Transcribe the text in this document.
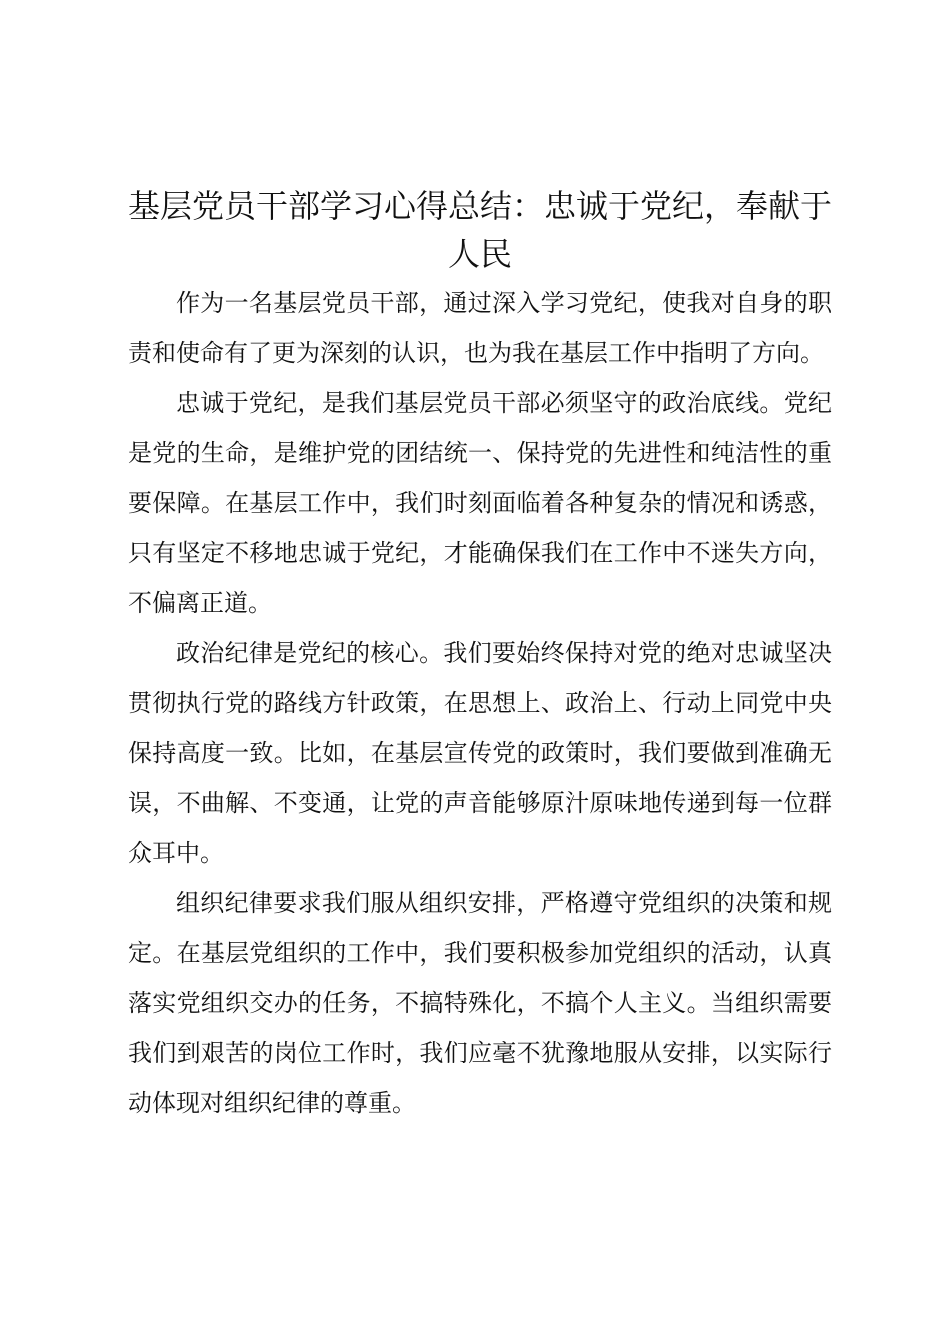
基层党员干部学习心得总结：忠诚于党纪，奉献于人民

作为一名基层党员干部，通过深入学习党纪，使我对自身的职责和使命有了更为深刻的认识，也为我在基层工作中指明了方向。

忠诚于党纪，是我们基层党员干部必须坚守的政治底线。党纪是党的生命，是维护党的团结统一、保持党的先进性和纯洁性的重要保障。在基层工作中，我们时刻面临着各种复杂的情况和诱惑，只有坚定不移地忠诚于党纪，才能确保我们在工作中不迷失方向，不偏离正道。

政治纪律是党纪的核心。我们要始终保持对党的绝对忠诚坚决贯彻执行党的路线方针政策，在思想上、政治上、行动上同党中央保持高度一致。比如，在基层宣传党的政策时，我们要做到准确无误，不曲解、不变通，让党的声音能够原汁原味地传递到每一位群众耳中。

组织纪律要求我们服从组织安排，严格遵守党组织的决策和规定。在基层党组织的工作中，我们要积极参加党组织的活动，认真落实党组织交办的任务，不搞特殊化，不搞个人主义。当组织需要我们到艰苦的岗位工作时，我们应毫不犹豫地服从安排，以实际行动体现对组织纪律的尊重。
